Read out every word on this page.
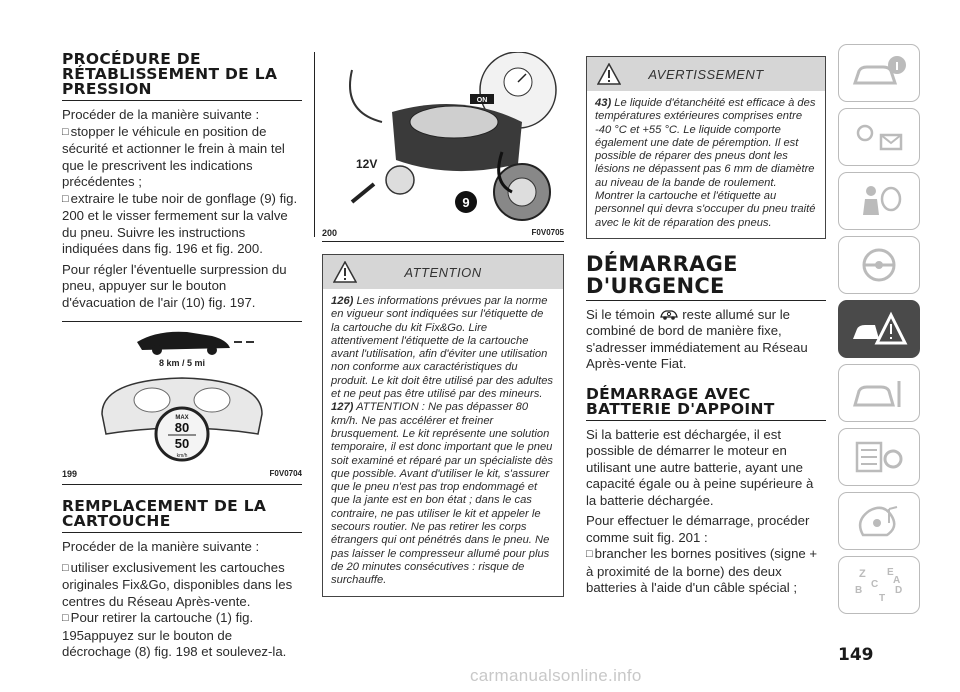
PROCÉDURE DE RÉTABLISSEMENT DE LA PRESSION

Procéder de la manière suivante :

□ stopper le véhicule en position de sécurité et actionner le frein à main tel que le prescrivent les indications précédentes ;

□ extraire le tube noir de gonflage (9) fig. 200 et le visser fermement sur la valve du pneu. Suivre les instructions indiquées dans fig. 196 et fig. 200.

Pour régler l'éventuelle surpression du pneu, appuyer sur le bouton d'évacuation de l'air (10) fig. 197.

8 km / 5 mi
MAX
80
50
km/h
199	F0V0704
REMPLACEMENT DE LA CARTOUCHE

Procéder de la manière suivante :

□ utiliser exclusivement les cartouches originales Fix&Go, disponibles dans les centres du Réseau Après-vente.

□ Pour retirer la cartouche (1) fig. 195appuyez sur le bouton de décrochage (8) fig. 198 et soulevez-la.

ON
12V
9
200	F0V0705
ATTENTION
126) Les informations prévues par la norme en vigueur sont indiquées sur l'étiquette de la cartouche du kit Fix&Go. Lire attentivement l'étiquette de la cartouche avant l'utilisation, afin d'éviter une utilisation non conforme aux caractéristiques du produit. Le kit doit être utilisé par des adultes et ne peut pas être utilisé par des mineurs.
127) ATTENTION : Ne pas dépasser 80 km/h. Ne pas accélérer et freiner brusquement. Le kit représente une solution temporaire, il est donc important que le pneu soit examiné et réparé par un spécialiste dès que possible. Avant d'utiliser le kit, s'assurer que le pneu n'est pas trop endommagé et que la jante est en bon état ; dans le cas contraire, ne pas utiliser le kit et appeler le secours routier. Ne pas retirer les corps étrangers qui ont pénétrés dans le pneu. Ne pas laisser le compresseur allumé pour plus de 20 minutes consécutives : risque de surchauffe.
AVERTISSEMENT
43) Le liquide d'étanchéité est efficace à des températures extérieures comprises entre -40 °C et +55 °C. Le liquide comporte également une date de péremption. Il est possible de réparer des pneus dont les lésions ne dépassent pas 6 mm de diamètre au niveau de la bande de roulement. Montrer la cartouche et l'étiquette au personnel qui devra s'occuper du pneu traité avec le kit de réparation des pneus.
DÉMARRAGE D'URGENCE

Si le témoin reste allumé sur le combiné de bord de manière fixe, s'adresser immédiatement au Réseau Après-vente Fiat.

DÉMARRAGE AVEC BATTERIE D'APPOINT

Si la batterie est déchargée, il est possible de démarrer le moteur en utilisant une autre batterie, ayant une capacité égale ou à peine supérieure à la batterie déchargée.

Pour effectuer le démarrage, procéder comme suit fig. 201 :

□ brancher les bornes positives (signe + à proximité de la borne) des deux batteries à l'aide d'un câble spécial ;

Z E
B
C
T
D
A
149
carmanualsonline.info
